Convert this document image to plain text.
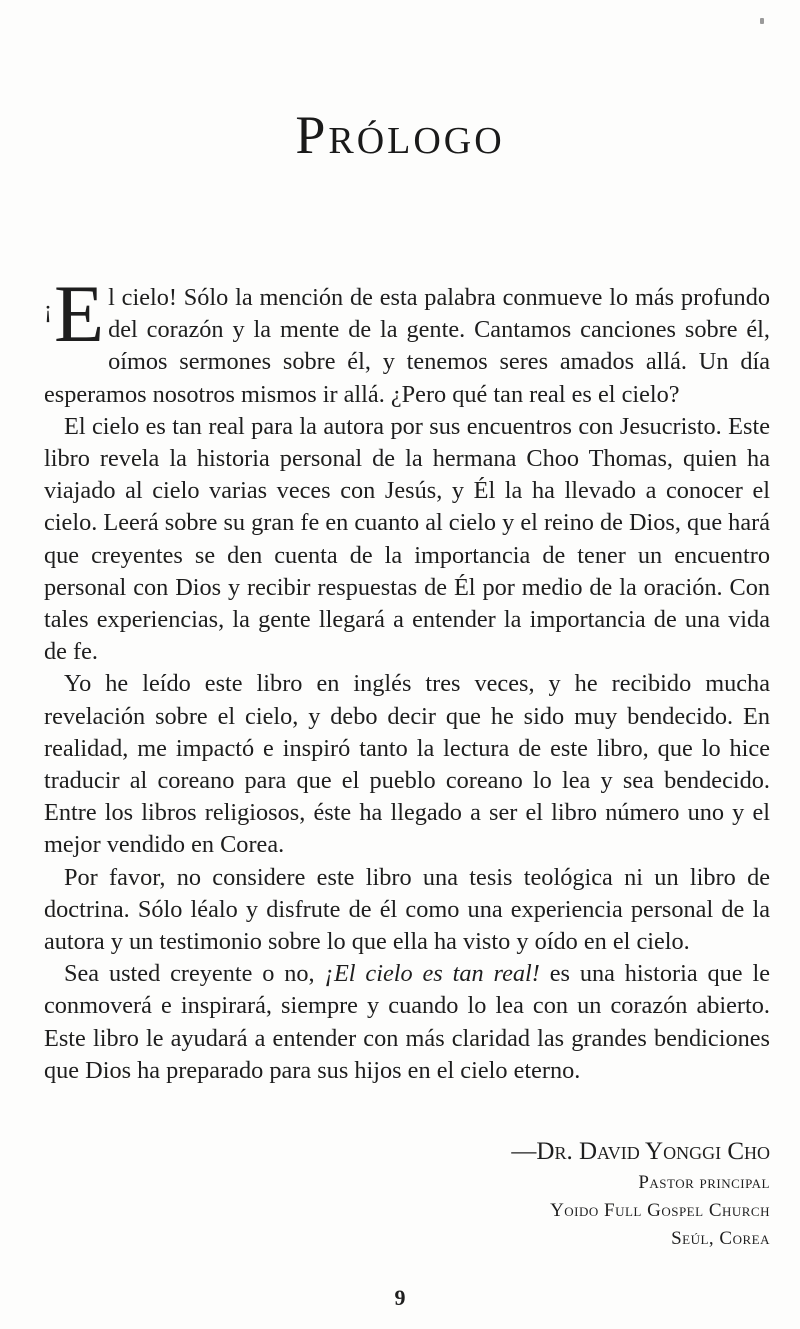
Prólogo

¡ E l cielo! Sólo la mención de esta palabra conmueve lo más profundo del corazón y la mente de la gente. Cantamos canciones sobre él, oímos sermones sobre él, y tenemos seres amados allá. Un día esperamos nosotros mismos ir allá. ¿Pero qué tan real es el cielo?

El cielo es tan real para la autora por sus encuentros con Jesucristo. Este libro revela la historia personal de la hermana Choo Thomas, quien ha viajado al cielo varias veces con Jesús, y Él la ha llevado a conocer el cielo. Leerá sobre su gran fe en cuanto al cielo y el reino de Dios, que hará que creyentes se den cuenta de la importancia de tener un encuentro personal con Dios y recibir respuestas de Él por medio de la oración. Con tales experiencias, la gente llegará a entender la importancia de una vida de fe.

Yo he leído este libro en inglés tres veces, y he recibido mucha revelación sobre el cielo, y debo decir que he sido muy bendecido. En realidad, me impactó e inspiró tanto la lectura de este libro, que lo hice traducir al coreano para que el pueblo coreano lo lea y sea bendecido. Entre los libros religiosos, éste ha llegado a ser el libro número uno y el mejor vendido en Corea.

Por favor, no considere este libro una tesis teológica ni un libro de doctrina. Sólo léalo y disfrute de él como una experiencia personal de la autora y un testimonio sobre lo que ella ha visto y oído en el cielo.

Sea usted creyente o no, ¡El cielo es tan real! es una historia que le conmoverá e inspirará, siempre y cuando lo lea con un corazón abierto. Este libro le ayudará a entender con más claridad las grandes bendiciones que Dios ha preparado para sus hijos en el cielo eterno.

—Dr. David Yonggi Cho
Pastor principal
Yoido Full Gospel Church
Seúl, Corea
9
